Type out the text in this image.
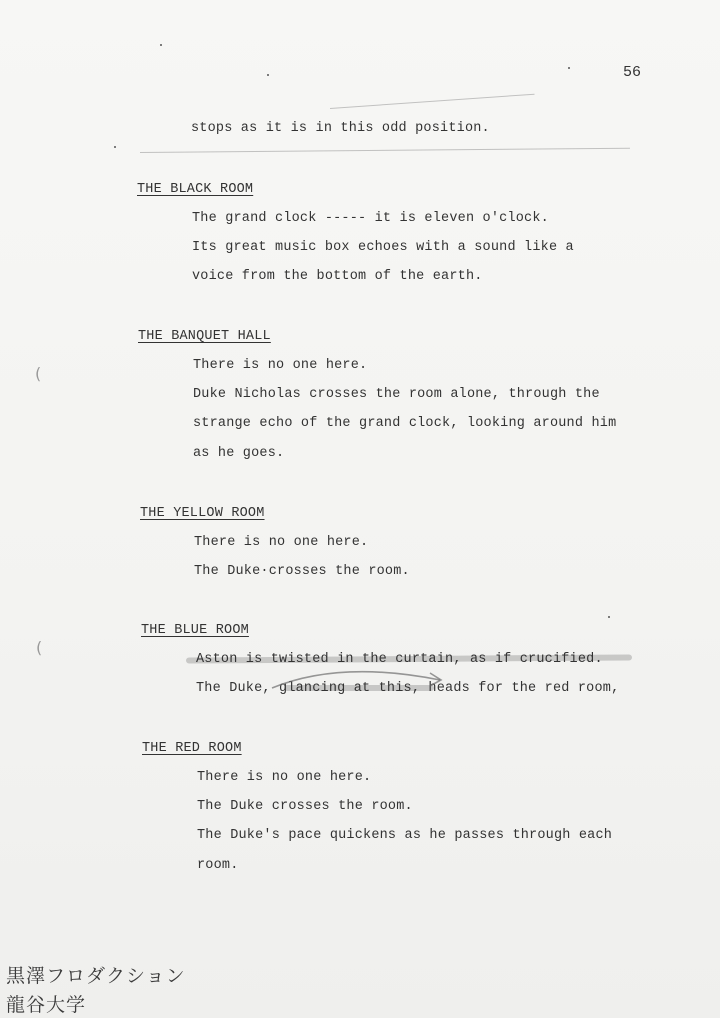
56
(
(
stops as it is in this odd position.
THE BLACK ROOM
The grand clock ----- it is eleven o'clock.
Its great music box echoes with a sound like a
voice from the bottom of the earth.
THE BANQUET HALL
There is no one here.
Duke Nicholas crosses the room alone, through the
strange echo of the grand clock, looking around him
as he goes.
THE YELLOW ROOM
There is no one here.
The Duke·crosses the room.
THE BLUE ROOM
Aston is twisted in the curtain, as if crucified.
The Duke, glancing at this, heads for the red room,
THE RED ROOM
There is no one here.
The Duke crosses the room.
The Duke's pace quickens as he passes through each
room.
黒澤フロダクション
龍谷大学
